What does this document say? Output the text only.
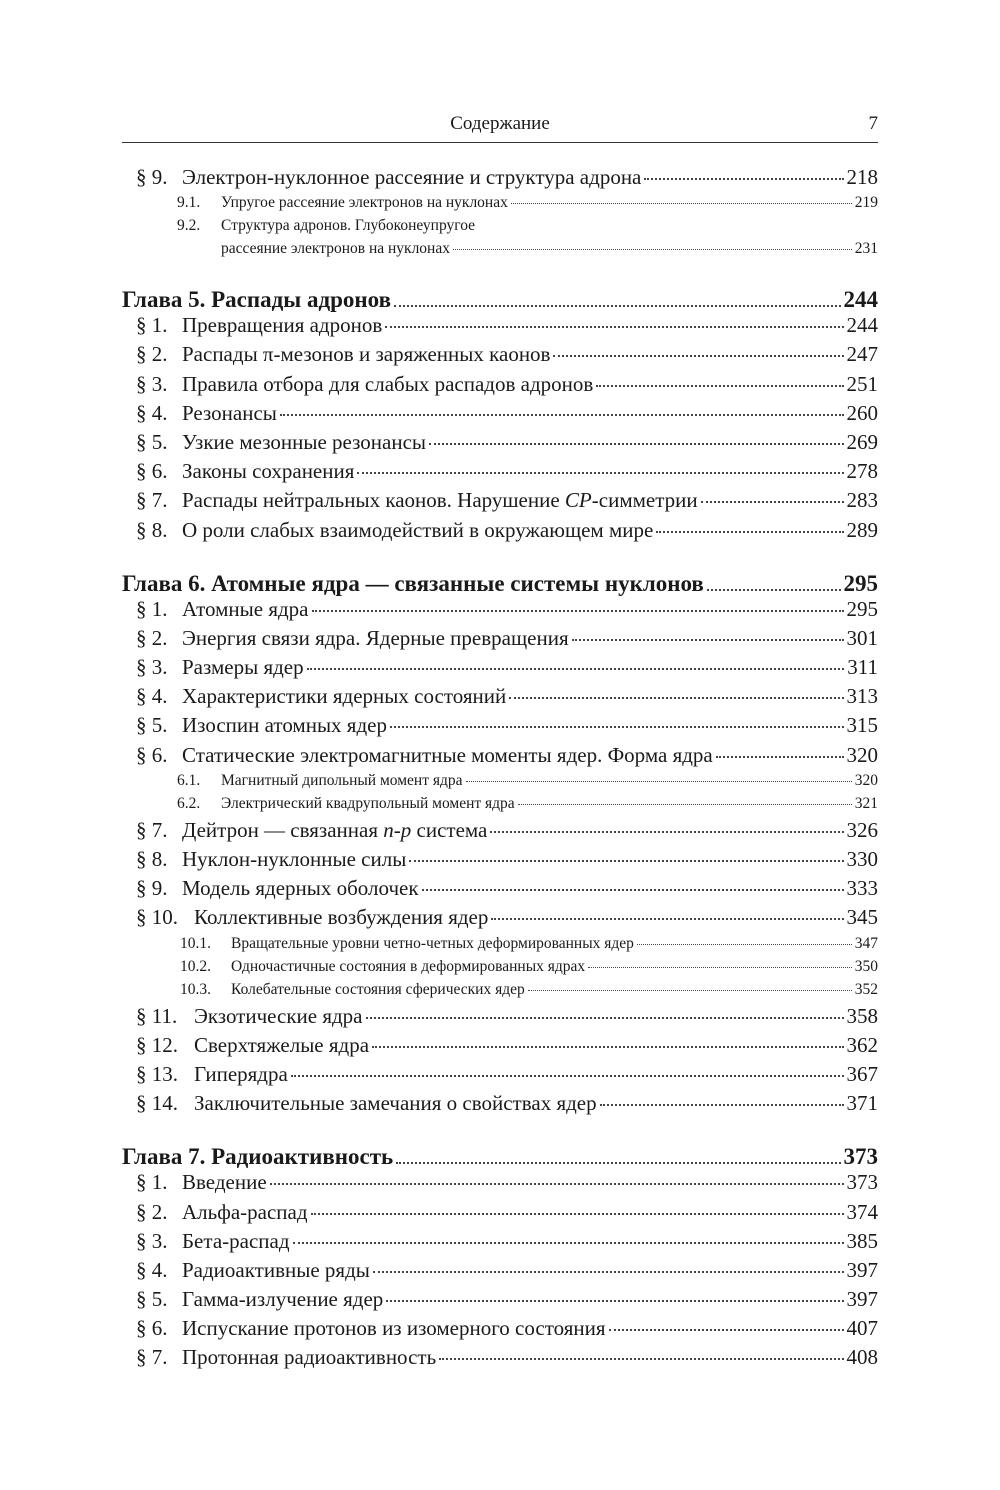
Содержание	7
§ 9. Электрон-нуклонное рассеяние и структура адрона	218
9.1.	Упругое рассеяние электронов на нуклонах	219
9.2.	Структура адронов. Глубоконеупругое
рассеяние электронов на нуклонах	231
Глава 5. Распады адронов	244
§ 1. Превращения адронов	244
§ 2. Распады π-мезонов и заряженных каонов	247
§ 3. Правила отбора для слабых распадов адронов	251
§ 4. Резонансы	260
§ 5. Узкие мезонные резонансы	269
§ 6. Законы сохранения	278
§ 7. Распады нейтральных каонов. Нарушение CP-симметрии	283
§ 8. О роли слабых взаимодействий в окружающем мире	289
Глава 6. Атомные ядра — связанные системы нуклонов	295
§ 1. Атомные ядра	295
§ 2. Энергия связи ядра. Ядерные превращения	301
§ 3. Размеры ядер	311
§ 4. Характеристики ядерных состояний	313
§ 5. Изоспин атомных ядер	315
§ 6. Статические электромагнитные моменты ядер. Форма ядра	320
6.1.	Магнитный дипольный момент ядра	320
6.2.	Электрический квадрупольный момент ядра	321
§ 7. Дейтрон — связанная n-p система	326
§ 8. Нуклон-нуклонные силы	330
§ 9. Модель ядерных оболочек	333
§ 10. Коллективные возбуждения ядер	345
10.1.	Вращательные уровни четно-четных деформированных ядер	347
10.2.	Одночастичные состояния в деформированных ядрах	350
10.3.	Колебательные состояния сферических ядер	352
§ 11. Экзотические ядра	358
§ 12. Сверхтяжелые ядра	362
§ 13. Гиперядра	367
§ 14. Заключительные замечания о свойствах ядер	371
Глава 7. Радиоактивность	373
§ 1. Введение	373
§ 2. Альфа-распад	374
§ 3. Бета-распад	385
§ 4. Радиоактивные ряды	397
§ 5. Гамма-излучение ядер	397
§ 6. Испускание протонов из изомерного состояния	407
§ 7. Протонная радиоактивность	408
